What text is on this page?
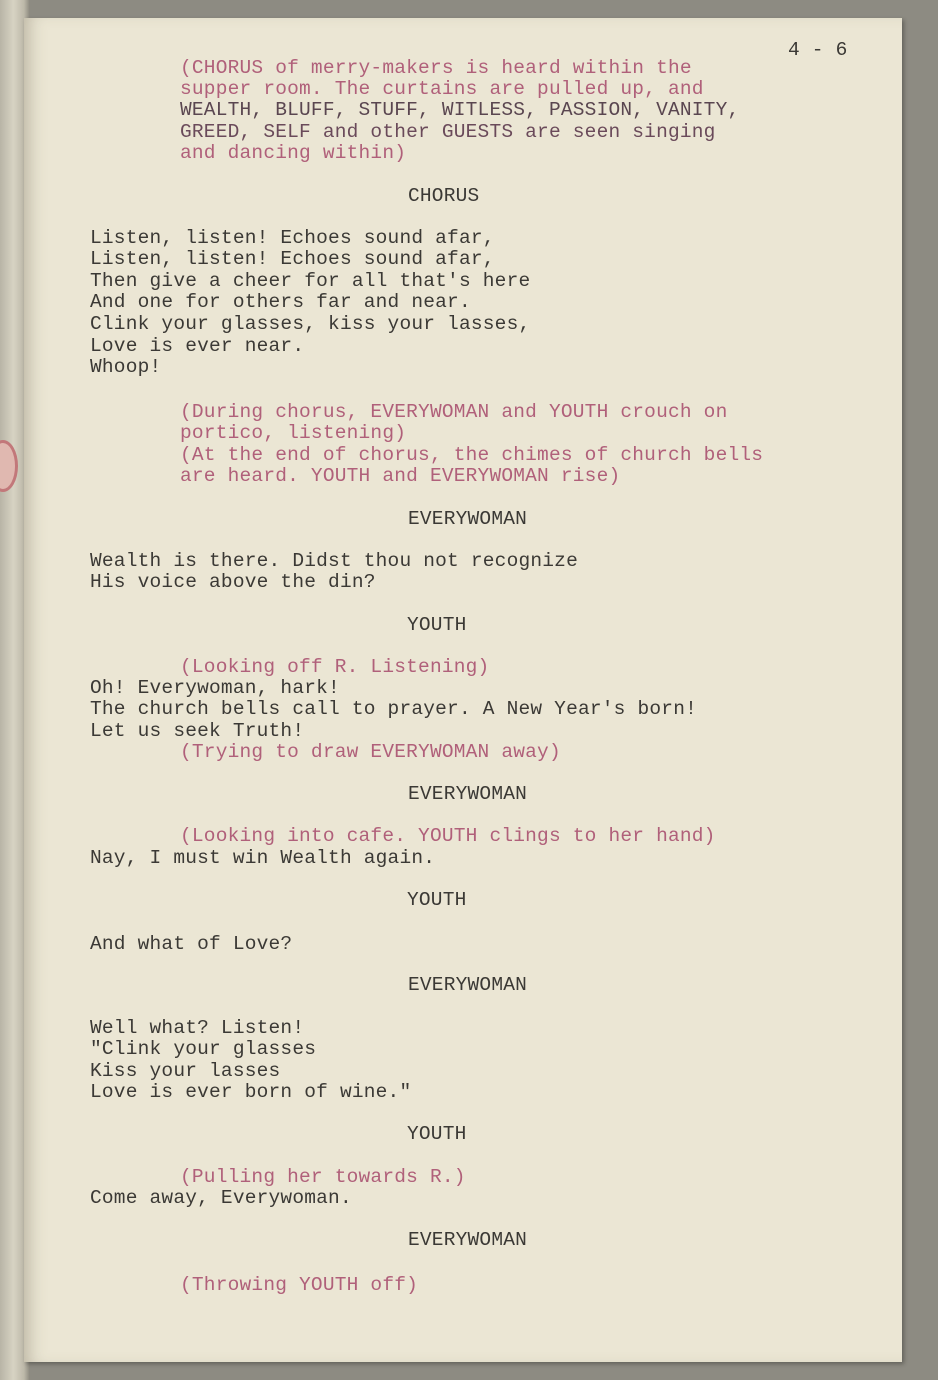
4 - 6
(CHORUS of merry-makers is heard within the
supper room. The curtains are pulled up, and
WEALTH, BLUFF, STUFF, WITLESS, PASSION, VANITY,
GREED, SELF and other GUESTS are seen singing
and dancing within)
CHORUS
Listen, listen! Echoes sound afar,
Listen, listen! Echoes sound afar,
Then give a cheer for all that's here
And one for others far and near.
Clink your glasses, kiss your lasses,
Love is ever near.
Whoop!
(During chorus, EVERYWOMAN and YOUTH crouch on
portico, listening)
(At the end of chorus, the chimes of church bells
are heard. YOUTH and EVERYWOMAN rise)
EVERYWOMAN
Wealth is there. Didst thou not recognize
His voice above the din?
YOUTH
(Looking off R. Listening)
Oh! Everywoman, hark!
The church bells call to prayer. A New Year's born!
Let us seek Truth!
(Trying to draw EVERYWOMAN away)
EVERYWOMAN
(Looking into cafe. YOUTH clings to her hand)
Nay, I must win Wealth again.
YOUTH
And what of Love?
EVERYWOMAN
Well what? Listen!
"Clink your glasses
Kiss your lasses
Love is ever born of wine."
YOUTH
(Pulling her towards R.)
Come away, Everywoman.
EVERYWOMAN
(Throwing YOUTH off)
